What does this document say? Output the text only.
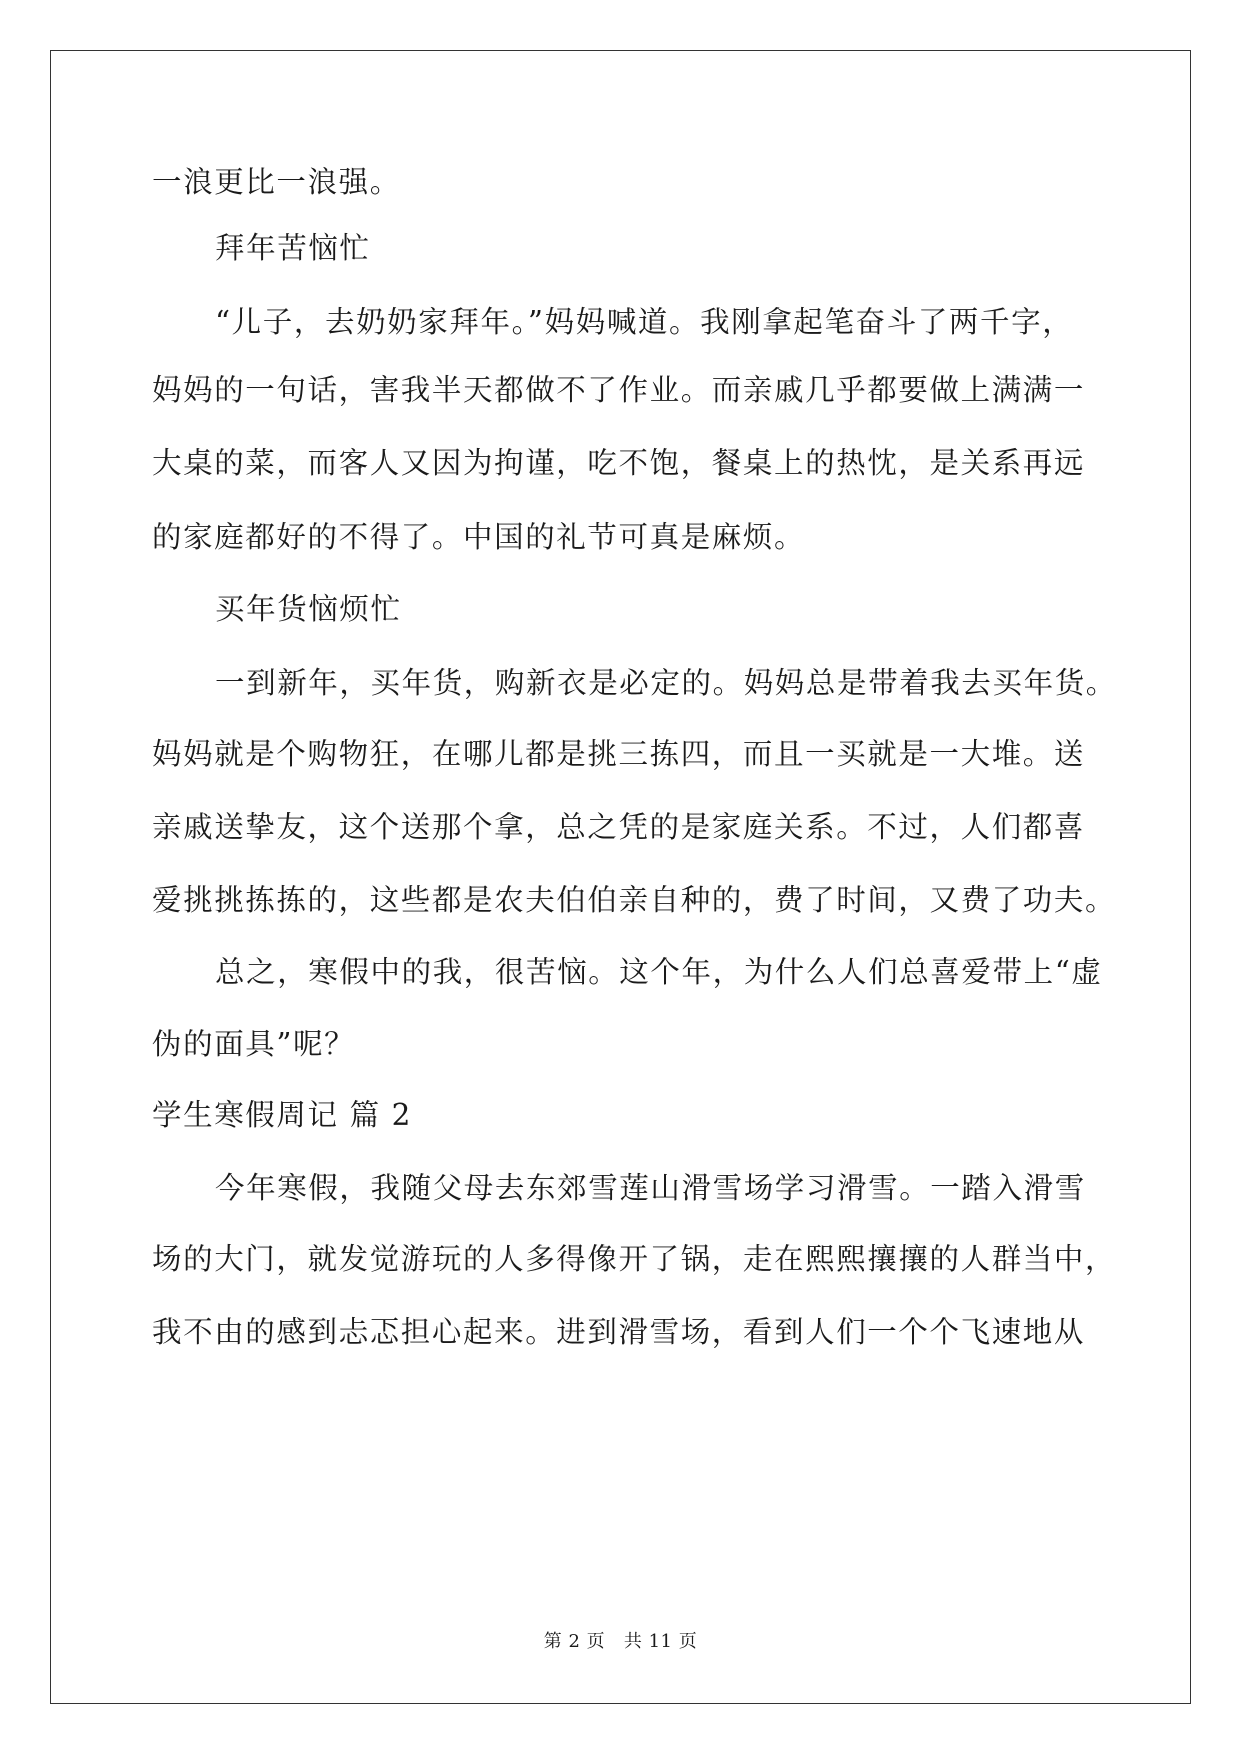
一浪更比一浪强。
拜年苦恼忙
“儿子，去奶奶家拜年。”妈妈喊道。我刚拿起笔奋斗了两千字，
妈妈的一句话，害我半天都做不了作业。而亲戚几乎都要做上满满一
大桌的菜，而客人又因为拘谨，吃不饱，餐桌上的热忱，是关系再远
的家庭都好的不得了。中国的礼节可真是麻烦。
买年货恼烦忙
一到新年，买年货，购新衣是必定的。妈妈总是带着我去买年货。
妈妈就是个购物狂，在哪儿都是挑三拣四，而且一买就是一大堆。送
亲戚送挚友，这个送那个拿，总之凭的是家庭关系。不过，人们都喜
爱挑挑拣拣的，这些都是农夫伯伯亲自种的，费了时间，又费了功夫。
总之，寒假中的我，很苦恼。这个年，为什么人们总喜爱带上“虚
伪的面具”呢？
学生寒假周记 篇 2
今年寒假，我随父母去东郊雪莲山滑雪场学习滑雪。一踏入滑雪
场的大门，就发觉游玩的人多得像开了锅，走在熙熙攘攘的人群当中，
我不由的感到忐忑担心起来。进到滑雪场，看到人们一个个飞速地从
第 2 页 共 11 页
